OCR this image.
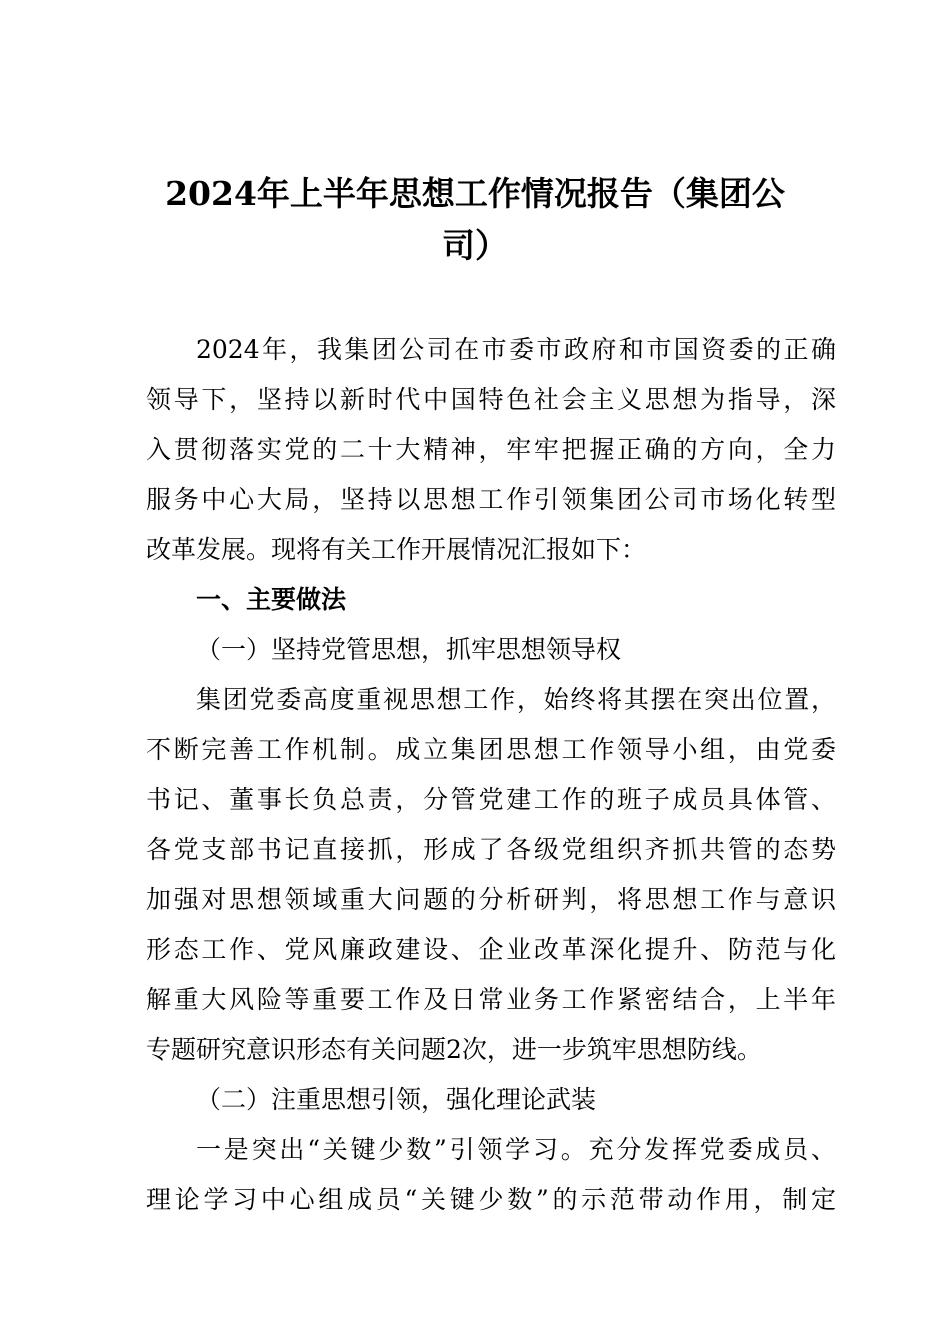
2024年上半年思想工作情况报告（集团公
司）
2024年，我集团公司在市委市政府和市国资委的正确
领导下，坚持以新时代中国特色社会主义思想为指导，深
入贯彻落实党的二十大精神，牢牢把握正确的方向，全力
服务中心大局，坚持以思想工作引领集团公司市场化转型
改革发展。现将有关工作开展情况汇报如下：
一、主要做法
（一）坚持党管思想，抓牢思想领导权
集团党委高度重视思想工作，始终将其摆在突出位置，
不断完善工作机制。成立集团思想工作领导小组，由党委
书记、董事长负总责，分管党建工作的班子成员具体管、
各党支部书记直接抓，形成了各级党组织齐抓共管的态势
加强对思想领域重大问题的分析研判，将思想工作与意识
形态工作、党风廉政建设、企业改革深化提升、防范与化
解重大风险等重要工作及日常业务工作紧密结合，上半年
专题研究意识形态有关问题2次，进一步筑牢思想防线。
（二）注重思想引领，强化理论武装
一是突出“关键少数”引领学习。充分发挥党委成员、
理论学习中心组成员“关键少数”的示范带动作用，制定
